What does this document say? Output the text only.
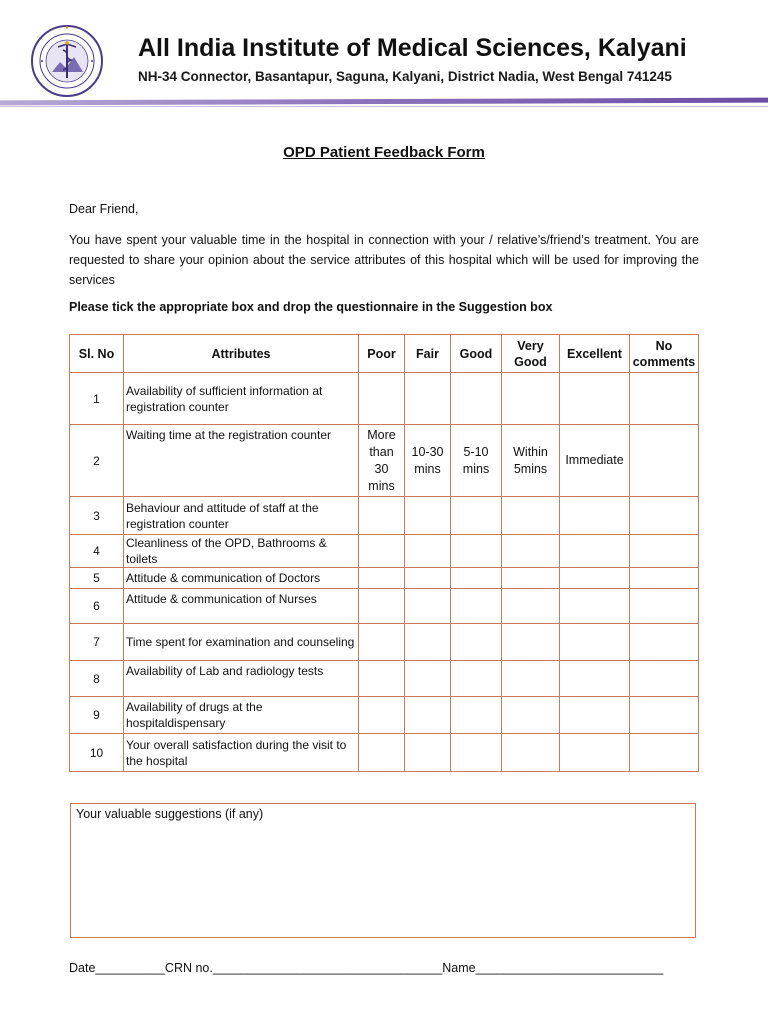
All India Institute of Medical Sciences, Kalyani
NH-34 Connector, Basantapur, Saguna, Kalyani, District Nadia, West Bengal 741245
OPD Patient Feedback Form
Dear Friend,

You have spent your valuable time in the hospital in connection with your / relative’s/friend’s treatment. You are requested to share your opinion about the service attributes of this hospital which will be used for improving the services

Please tick the appropriate box and drop the questionnaire in the Suggestion box
Sl. No	Attributes	Poor	Fair	Good	Very Good	Excellent	No comments
1	Availability of sufficient information at registration counter						
2	Waiting time at the registration counter	More than 30 mins	10-30 mins	5-10 mins	Within 5mins	Immediate	
3	Behaviour and attitude of staff at the registration counter						
4	Cleanliness of the OPD, Bathrooms & toilets						
5	Attitude & communication of Doctors						
6	Attitude & communication of Nurses						
7	Time spent for examination and counseling						
8	Availability of Lab and radiology tests						
9	Availability of drugs at the hospitaldispensary						
10	Your overall satisfaction during the visit to the hospital						
Your valuable suggestions (if any)
Date__________CRN no._________________________________Name___________________________
